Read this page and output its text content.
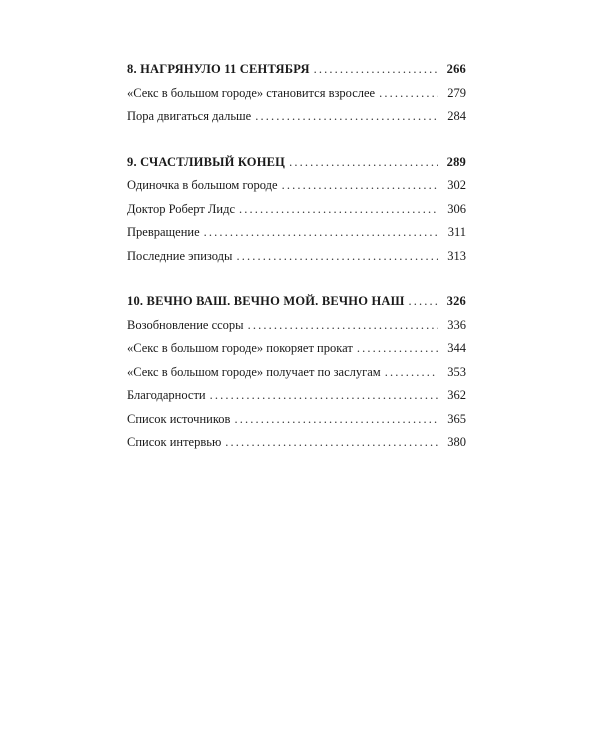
8. НАГРЯНУЛО 11 СЕНТЯБРЯ . . .	266
«Секс в большом городе» становится взрослее . . .	279
Пора двигаться дальше . . .	284
9. СЧАСТЛИВЫЙ КОНЕЦ . . .	289
Одиночка в большом городе . . .	302
Доктор Роберт Лидс . . .	306
Превращение . . .	311
Последние эпизоды . . .	313
10. ВЕЧНО ВАШ. ВЕЧНО МОЙ. ВЕЧНО НАШ . . .	326
Возобновление ссоры . . .	336
«Секс в большом городе» покоряет прокат . . .	344
«Секс в большом городе» получает по заслугам . . .	353
Благодарности . . .	362
Список источников . . .	365
Список интервью . . .	380
